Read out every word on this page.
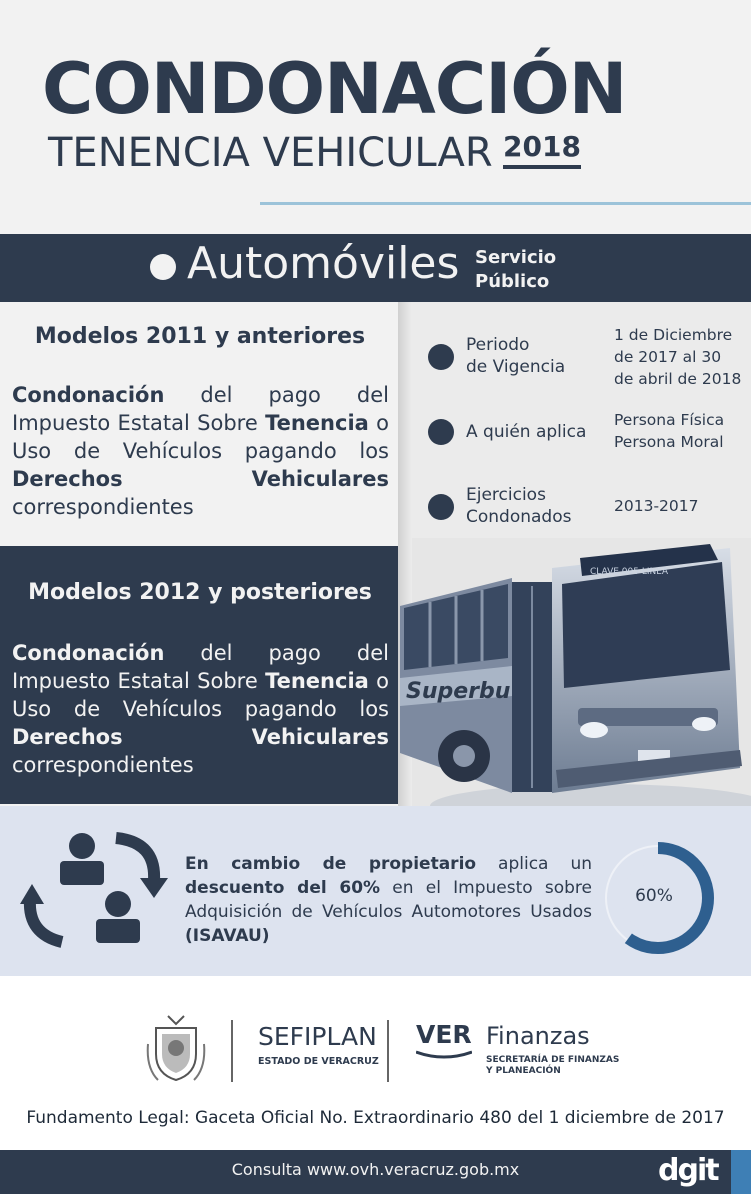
CONDONACIÓN
TENENCIA VEHICULAR 2018
Automóviles Servicio
Público
Modelos 2011 y anteriores
Condonación del pago del Impuesto Estatal Sobre Tenencia o Uso de Vehículos pagando los Derechos Vehiculares correspondientes
Modelos 2012 y posteriores
Condonación del pago del Impuesto Estatal Sobre Tenencia o Uso de Vehículos pagando los Derechos Vehiculares correspondientes
Periodo
de Vigencia
1 de Diciembre
de 2017 al 30
de abril de 2018
A quién aplica
Persona Física
Persona Moral
Ejercicios
Condonados
2013-2017
Superbu
CLAVE 005 LINEA
En cambio de propietario aplica un descuento del 60% en el Impuesto sobre Adquisición de Vehículos Automotores Usados (ISAVAU)
60%
SEFIPLAN
ESTADO DE VERACRUZ
VER Finanzas
SECRETARÍA DE FINANZAS
Y PLANEACIÓN
Fundamento Legal: Gaceta Oficial No. Extraordinario 480 del 1 diciembre de 2017
Consulta www.ovh.veracruz.gob.mx	dgit
